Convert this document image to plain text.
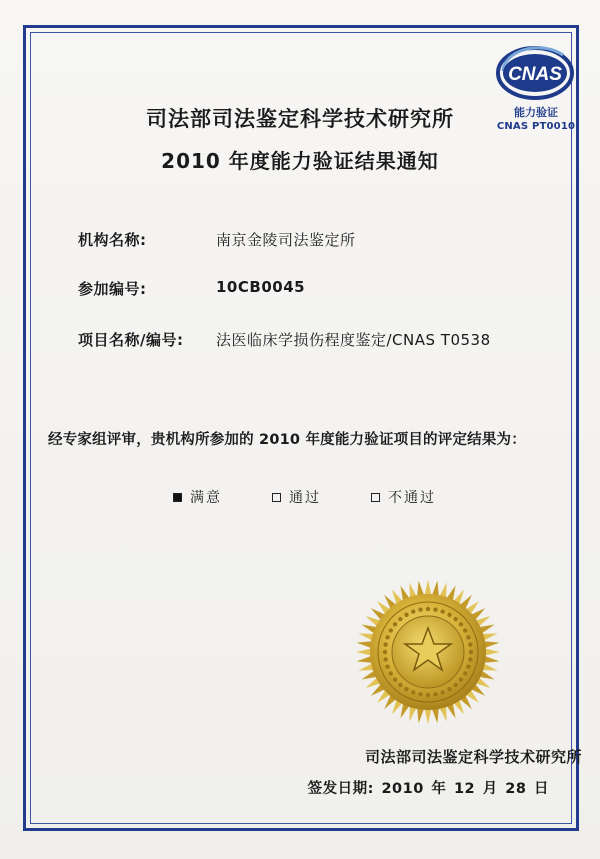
CNAS
能力验证
CNAS PT0010
司法部司法鉴定科学技术研究所
2010 年度能力验证结果通知
机构名称:	南京金陵司法鉴定所
参加编号:	10CB0045
项目名称/编号: 法医临床学损伤程度鉴定/CNAS T0538
经专家组评审，贵机构所参加的 2010 年度能力验证项目的评定结果为：
满意	通过	不通过
司法部司法鉴定科学技术研究所
签发日期: 2010 年 12 月 28 日
